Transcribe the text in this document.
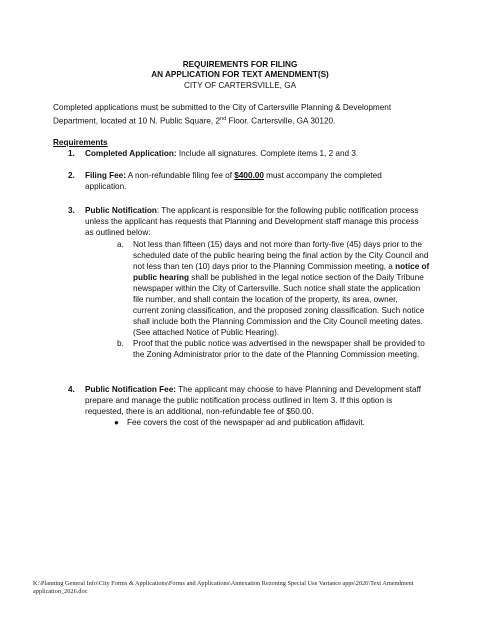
REQUIREMENTS FOR FILING
AN APPLICATION FOR TEXT AMENDMENT(S)
CITY OF CARTERSVILLE, GA
Completed applications must be submitted to the City of Cartersville Planning & Development
Department, located at 10 N. Public Square, 2nd Floor. Cartersville, GA 30120.
Requirements
1. Completed Application: Include all signatures. Complete items 1, 2 and 3.
2. Filing Fee: A non-refundable filing fee of $400.00 must accompany the completed
application.
3. Public Notification: The applicant is responsible for the following public notification process
unless the applicant has requests that Planning and Development staff manage this process
as outlined below:
a. Not less than fifteen (15) days and not more than forty-five (45) days prior to the
scheduled date of the public hearing being the final action by the City Council and
not less than ten (10) days prior to the Planning Commission meeting, a notice of
public hearing shall be published in the legal notice section of the Daily Tribune
newspaper within the City of Cartersville. Such notice shall state the application
file number, and shall contain the location of the property, its area, owner,
current zoning classification, and the proposed zoning classification. Such notice
shall include both the Planning Commission and the City Council meeting dates.
(See attached Notice of Public Hearing).
b. Proof that the public notice was advertised in the newspaper shall be provided to
the Zoning Administrator prior to the date of the Planning Commission meeting.
4. Public Notification Fee: The applicant may choose to have Planning and Development staff
prepare and manage the public notification process outlined in Item 3. If this option is
requested, there is an additional, non-refundable fee of $50.00.
● Fee covers the cost of the newspaper ad and publication affidavit.
K:\Planning General Info\City Forms & Applications\Forms and Applications\Annexation Rezoning Special Use Variance apps\2026\Text Amendment
application_2026.doc
